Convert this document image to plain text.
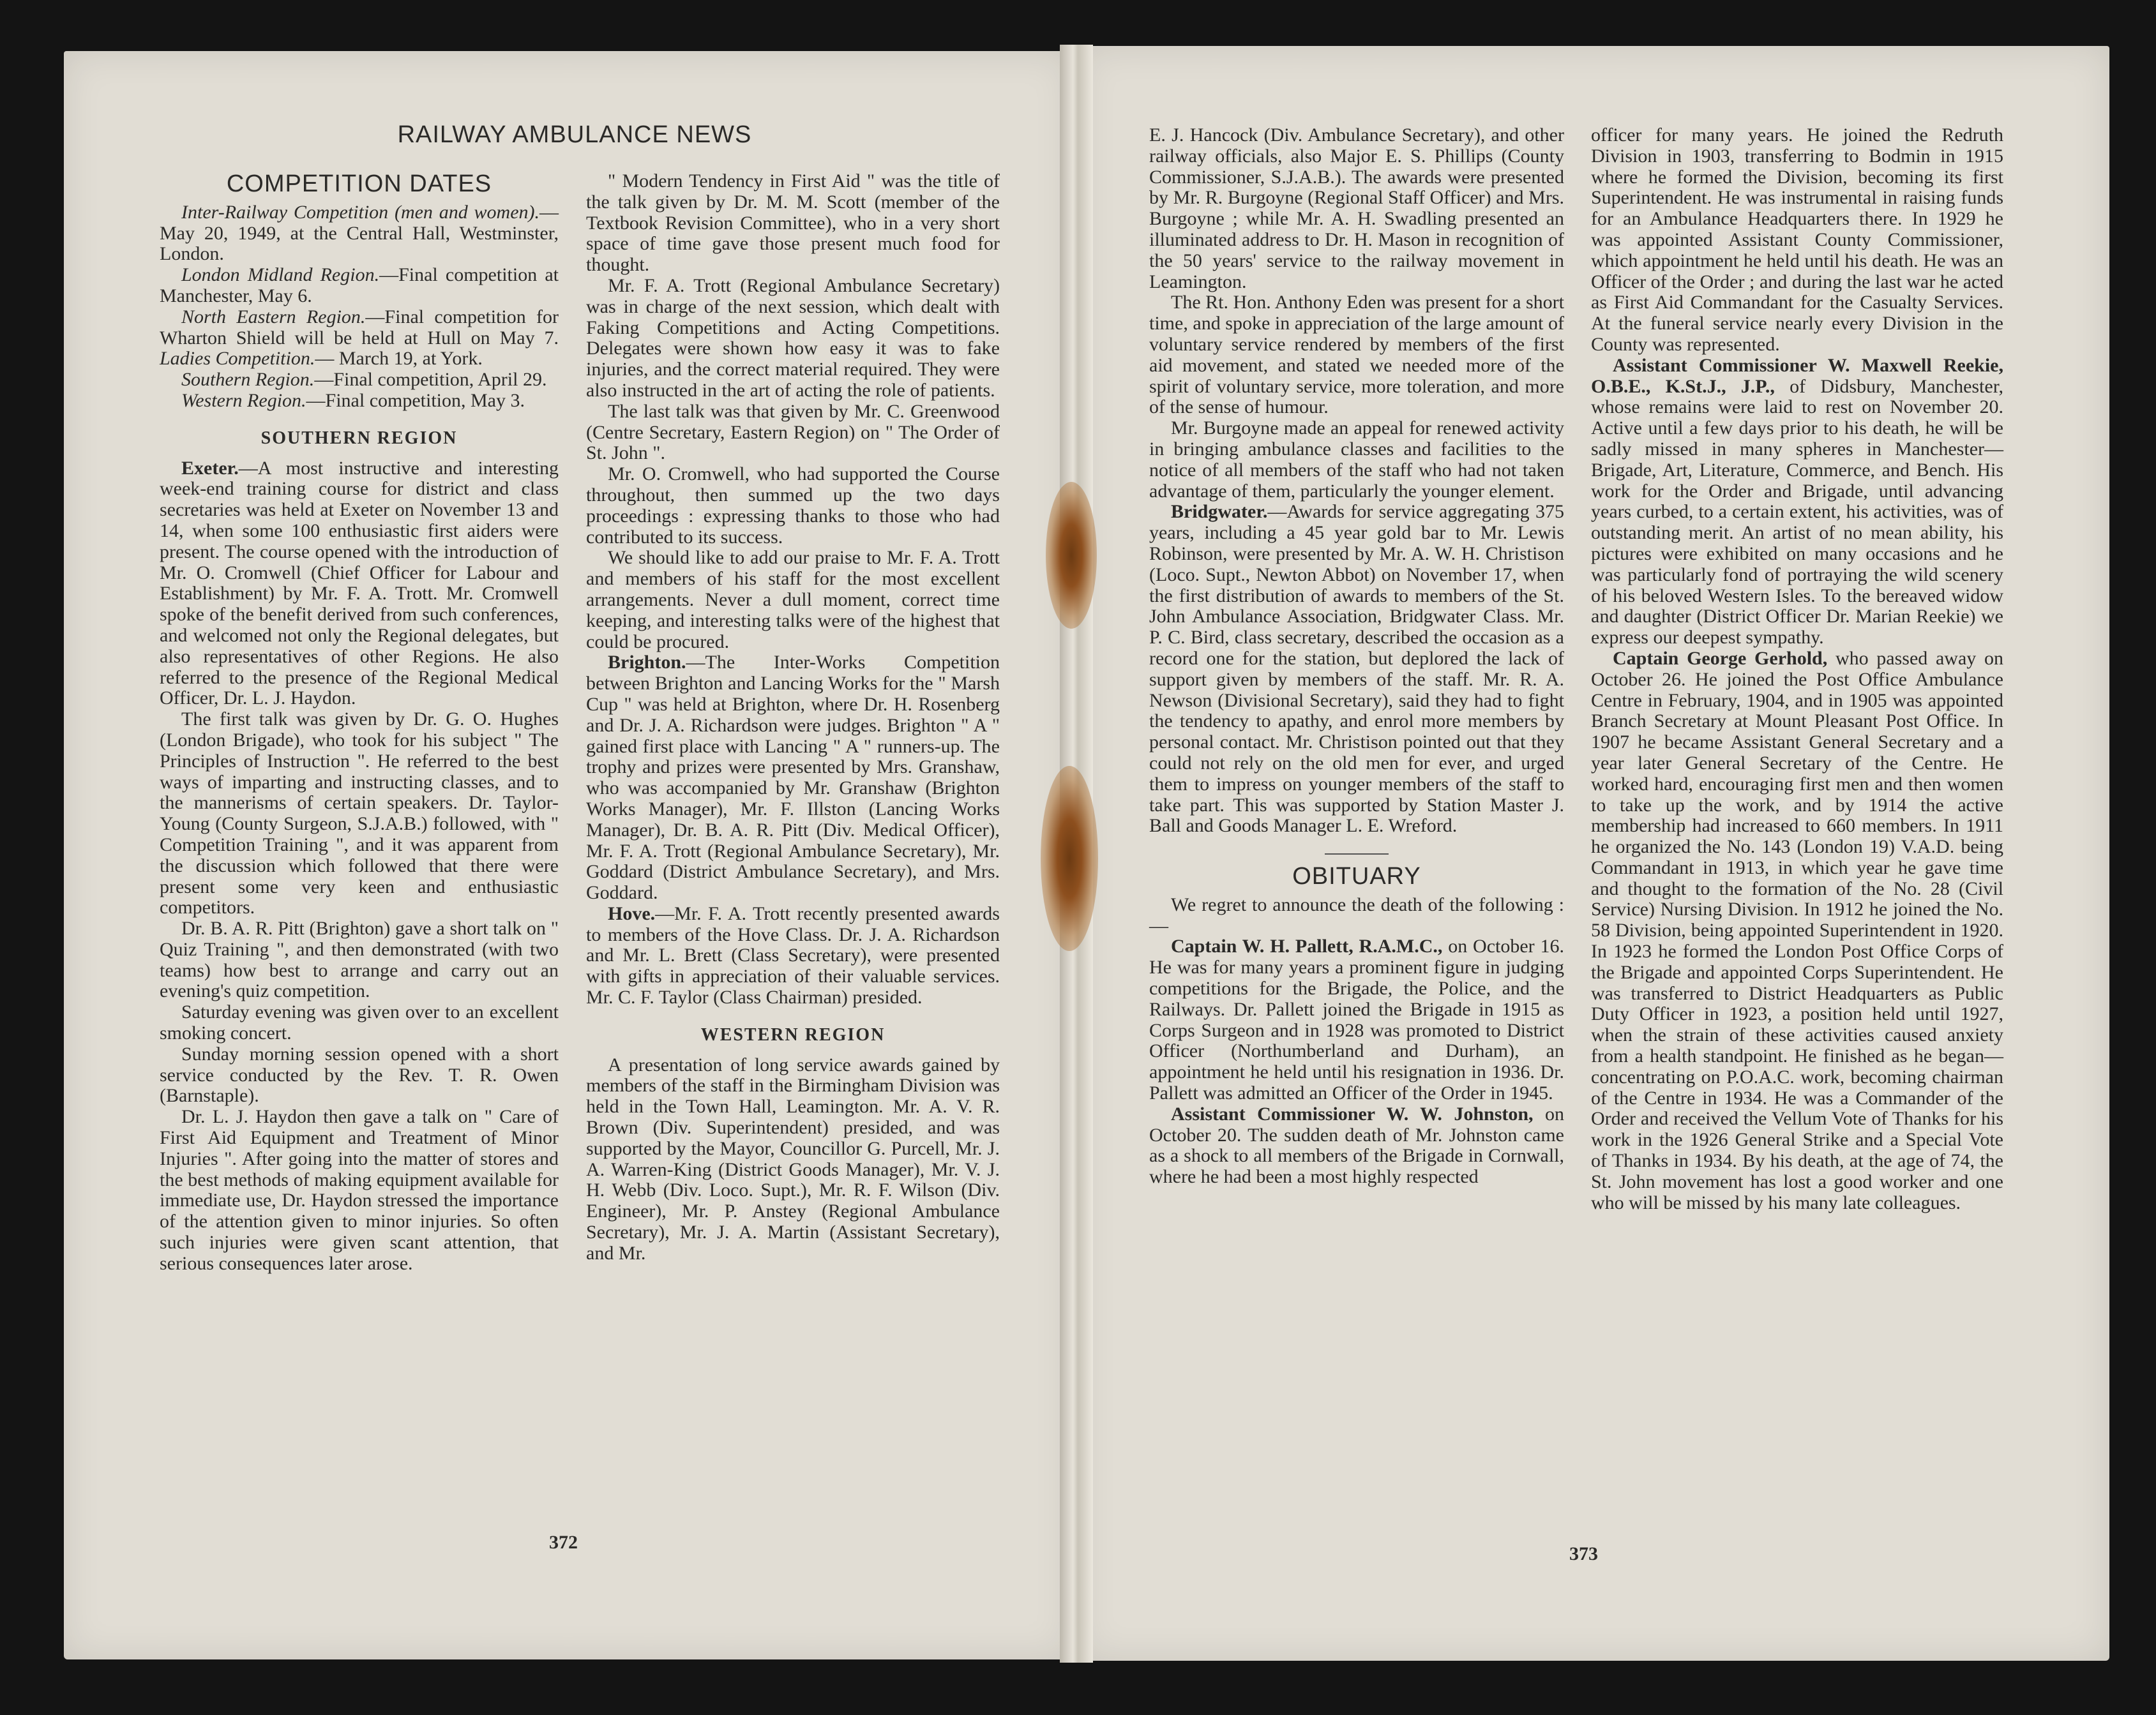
RAILWAY AMBULANCE NEWS
COMPETITION DATES

Inter-Railway Competition (men and women).—May 20, 1949, at the Central Hall, Westminster, London.

London Midland Region.—Final competition at Manchester, May 6.

North Eastern Region.—Final competition for Wharton Shield will be held at Hull on May 7. Ladies Competition.— March 19, at York.

Southern Region.—Final competition, April 29.

Western Region.—Final competition, May 3.

SOUTHERN REGION

Exeter.—A most instructive and interesting week-end training course for district and class secretaries was held at Exeter on November 13 and 14, when some 100 enthusiastic first aiders were present. The course opened with the introduction of Mr. O. Cromwell (Chief Officer for Labour and Establishment) by Mr. F. A. Trott. Mr. Cromwell spoke of the benefit derived from such conferences, and welcomed not only the Regional delegates, but also representatives of other Regions. He also referred to the presence of the Regional Medical Officer, Dr. L. J. Haydon.

The first talk was given by Dr. G. O. Hughes (London Brigade), who took for his subject " The Principles of Instruction ". He referred to the best ways of imparting and instructing classes, and to the mannerisms of certain speakers. Dr. Taylor-Young (County Surgeon, S.J.A.B.) followed, with " Competition Training ", and it was apparent from the discussion which followed that there were present some very keen and enthusiastic competitors.

Dr. B. A. R. Pitt (Brighton) gave a short talk on " Quiz Training ", and then demonstrated (with two teams) how best to arrange and carry out an evening's quiz competition.

Saturday evening was given over to an excellent smoking concert.

Sunday morning session opened with a short service conducted by the Rev. T. R. Owen (Barnstaple).

Dr. L. J. Haydon then gave a talk on " Care of First Aid Equipment and Treatment of Minor Injuries ". After going into the matter of stores and the best methods of making equipment available for immediate use, Dr. Haydon stressed the importance of the attention given to minor injuries. So often such injuries were given scant attention, that serious consequences later arose.

" Modern Tendency in First Aid " was the title of the talk given by Dr. M. M. Scott (member of the Textbook Revision Committee), who in a very short space of time gave those present much food for thought.

Mr. F. A. Trott (Regional Ambulance Secretary) was in charge of the next session, which dealt with Faking Competitions and Acting Competitions. Delegates were shown how easy it was to fake injuries, and the correct material required. They were also instructed in the art of acting the role of patients.

The last talk was that given by Mr. C. Greenwood (Centre Secretary, Eastern Region) on " The Order of St. John ".

Mr. O. Cromwell, who had supported the Course throughout, then summed up the two days proceedings : expressing thanks to those who had contributed to its success.

We should like to add our praise to Mr. F. A. Trott and members of his staff for the most excellent arrangements. Never a dull moment, correct time keeping, and interesting talks were of the highest that could be procured.

Brighton.—The Inter-Works Competition between Brighton and Lancing Works for the " Marsh Cup " was held at Brighton, where Dr. H. Rosenberg and Dr. J. A. Richardson were judges. Brighton " A " gained first place with Lancing " A " runners-up. The trophy and prizes were presented by Mrs. Granshaw, who was accompanied by Mr. Granshaw (Brighton Works Manager), Mr. F. Illston (Lancing Works Manager), Dr. B. A. R. Pitt (Div. Medical Officer), Mr. F. A. Trott (Regional Ambulance Secretary), Mr. Goddard (District Ambulance Secretary), and Mrs. Goddard.

Hove.—Mr. F. A. Trott recently presented awards to members of the Hove Class. Dr. J. A. Richardson and Mr. L. Brett (Class Secretary), were presented with gifts in appreciation of their valuable services. Mr. C. F. Taylor (Class Chairman) presided.

WESTERN REGION

A presentation of long service awards gained by members of the staff in the Birmingham Division was held in the Town Hall, Leamington. Mr. A. V. R. Brown (Div. Superintendent) presided, and was supported by the Mayor, Councillor G. Purcell, Mr. J. A. Warren-King (District Goods Manager), Mr. V. J. H. Webb (Div. Loco. Supt.), Mr. R. F. Wilson (Div. Engineer), Mr. P. Anstey (Regional Ambulance Secretary), Mr. J. A. Martin (Assistant Secretary), and Mr.

372

E. J. Hancock (Div. Ambulance Secretary), and other railway officials, also Major E. S. Phillips (County Commissioner, S.J.A.B.). The awards were presented by Mr. R. Burgoyne (Regional Staff Officer) and Mrs. Burgoyne ; while Mr. A. H. Swadling presented an illuminated address to Dr. H. Mason in recognition of the 50 years' service to the railway movement in Leamington.

The Rt. Hon. Anthony Eden was present for a short time, and spoke in appreciation of the large amount of voluntary service rendered by members of the first aid movement, and stated we needed more of the spirit of voluntary service, more toleration, and more of the sense of humour.

Mr. Burgoyne made an appeal for renewed activity in bringing ambulance classes and facilities to the notice of all members of the staff who had not taken advantage of them, particularly the younger element.

Bridgwater.—Awards for service aggregating 375 years, including a 45 year gold bar to Mr. Lewis Robinson, were presented by Mr. A. W. H. Christison (Loco. Supt., Newton Abbot) on November 17, when the first distribution of awards to members of the St. John Ambulance Association, Bridgwater Class. Mr. P. C. Bird, class secretary, described the occasion as a record one for the station, but deplored the lack of support given by members of the staff. Mr. R. A. Newson (Divisional Secretary), said they had to fight the tendency to apathy, and enrol more members by personal contact. Mr. Christison pointed out that they could not rely on the old men for ever, and urged them to impress on younger members of the staff to take part. This was supported by Station Master J. Ball and Goods Manager L. E. Wreford.

OBITUARY

We regret to announce the death of the following :—

Captain W. H. Pallett, R.A.M.C., on October 16. He was for many years a prominent figure in judging competitions for the Brigade, the Police, and the Railways. Dr. Pallett joined the Brigade in 1915 as Corps Surgeon and in 1928 was promoted to District Officer (Northumberland and Durham), an appointment he held until his resignation in 1936. Dr. Pallett was admitted an Officer of the Order in 1945.

Assistant Commissioner W. W. Johnston, on October 20. The sudden death of Mr. Johnston came as a shock to all members of the Brigade in Cornwall, where he had been a most highly respected

officer for many years. He joined the Redruth Division in 1903, transferring to Bodmin in 1915 where he formed the Division, becoming its first Superintendent. He was instrumental in raising funds for an Ambulance Headquarters there. In 1929 he was appointed Assistant County Commissioner, which appointment he held until his death. He was an Officer of the Order ; and during the last war he acted as First Aid Commandant for the Casualty Services. At the funeral service nearly every Division in the County was represented.

Assistant Commissioner W. Maxwell Reekie, O.B.E., K.St.J., J.P., of Didsbury, Manchester, whose remains were laid to rest on November 20. Active until a few days prior to his death, he will be sadly missed in many spheres in Manchester— Brigade, Art, Literature, Commerce, and Bench. His work for the Order and Brigade, until advancing years curbed, to a certain extent, his activities, was of outstanding merit. An artist of no mean ability, his pictures were exhibited on many occasions and he was particularly fond of portraying the wild scenery of his beloved Western Isles. To the bereaved widow and daughter (District Officer Dr. Marian Reekie) we express our deepest sympathy.

Captain George Gerhold, who passed away on October 26. He joined the Post Office Ambulance Centre in February, 1904, and in 1905 was appointed Branch Secretary at Mount Pleasant Post Office. In 1907 he became Assistant General Secretary and a year later General Secretary of the Centre. He worked hard, encouraging first men and then women to take up the work, and by 1914 the active membership had increased to 660 members. In 1911 he organized the No. 143 (London 19) V.A.D. being Commandant in 1913, in which year he gave time and thought to the formation of the No. 28 (Civil Service) Nursing Division. In 1912 he joined the No. 58 Division, being appointed Superintendent in 1920. In 1923 he formed the London Post Office Corps of the Brigade and appointed Corps Superintendent. He was transferred to District Headquarters as Public Duty Officer in 1923, a position held until 1927, when the strain of these activities caused anxiety from a health standpoint. He finished as he began—concentrating on P.O.A.C. work, becoming chairman of the Centre in 1934. He was a Commander of the Order and received the Vellum Vote of Thanks for his work in the 1926 General Strike and a Special Vote of Thanks in 1934. By his death, at the age of 74, the St. John movement has lost a good worker and one who will be missed by his many late colleagues.

373
